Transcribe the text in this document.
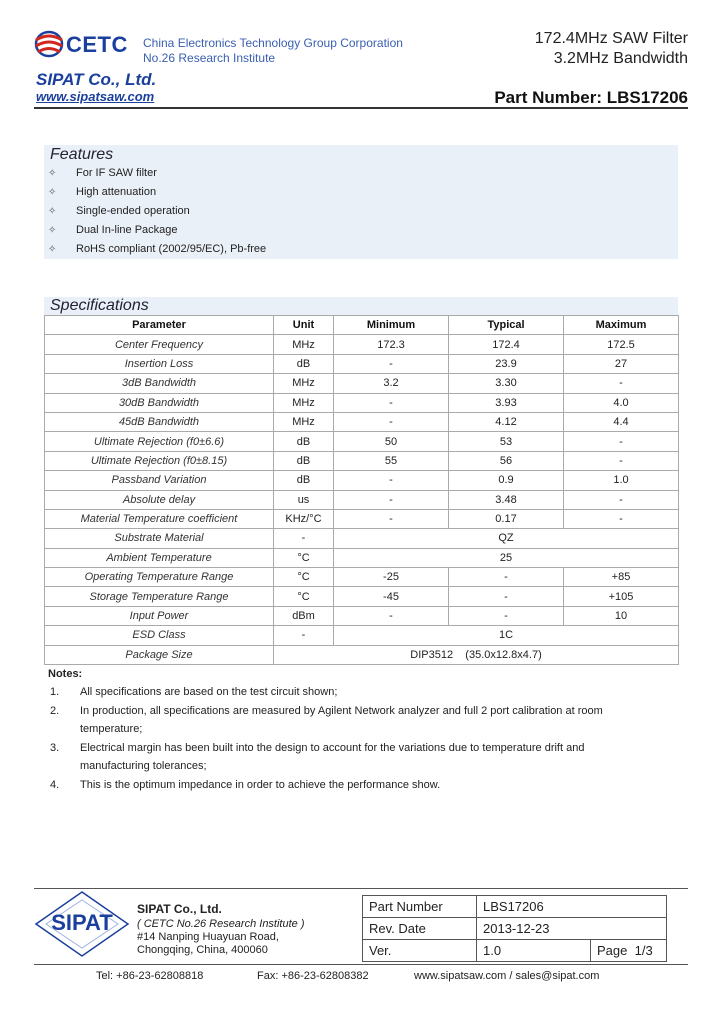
CETC China Electronics Technology Group Corporation
No.26 Research Institute
172.4MHz SAW Filter
3.2MHz Bandwidth
SIPAT Co., Ltd.
www.sipatsaw.com	Part Number: LBS17206
Features
✧	For IF SAW filter
✧	High attenuation
✧	Single-ended operation
✧	Dual In-line Package
✧	RoHS compliant (2002/95/EC), Pb-free
Specifications
Parameter	Unit	Minimum	Typical	Maximum
Center Frequency	MHz	172.3	172.4	172.5
Insertion Loss	dB	-	23.9	27
3dB Bandwidth	MHz	3.2	3.30	-
30dB Bandwidth	MHz	-	3.93	4.0
45dB Bandwidth	MHz	-	4.12	4.4
Ultimate Rejection (f0±6.6)	dB	50	53	-
Ultimate Rejection (f0±8.15)	dB	55	56	-
Passband Variation	dB	-	0.9	1.0
Absolute delay	us	-	3.48	-
Material Temperature coefficient	KHz/°C	-	0.17	-
Substrate Material	-	QZ		
Ambient Temperature	°C	25		
Operating Temperature Range	°C	-25	-	+85
Storage Temperature Range	°C	-45	-	+105
Input Power	dBm	-	-	10
ESD Class	-	1C		
Package Size	DIP3512    (35.0x12.8x4.7)			
Notes:
1.	All specifications are based on the test circuit shown;
2.	In production, all specifications are measured by Agilent Network analyzer and full 2 port calibration at room
temperature;
3.	Electrical margin has been built into the design to account for the variations due to temperature drift and
manufacturing tolerances;
4.	This is the optimum impedance in order to achieve the performance show.
SIPAT
SIPAT Co., Ltd.
( CETC No.26 Research Institute )
#14 Nanping Huayuan Road,
Chongqing, China, 400060
Part Number	LBS17206	
Rev. Date	2013-12-23	
Ver.	1.0	Page 1/3
Tel: +86-23-62808818	Fax: +86-23-62808382	www.sipatsaw.com / sales@sipat.com
